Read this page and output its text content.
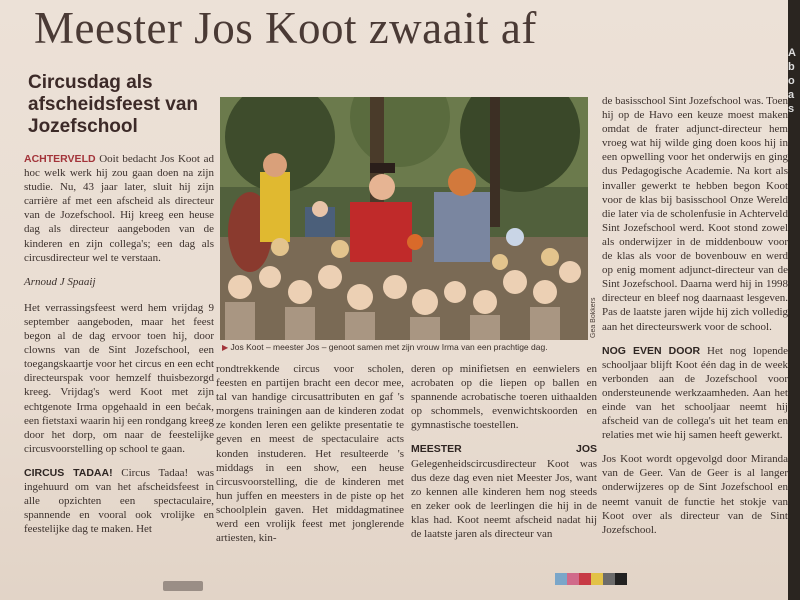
A
b
o
a
s
Meester Jos Koot zwaait af
Circusdag als afscheidsfeest van Jozefschool

ACHTERVELD Ooit bedacht Jos Koot ad hoc welk werk hij zou gaan doen na zijn studie. Nu, 43 jaar later, sluit hij zijn carrière af met een afscheid als directeur van de Jozefschool. Hij kreeg een heuse dag als directeur aangeboden van de kinderen en zijn collega's; een dag als circusdirecteur wel te verstaan.

Arnoud J Spaaij

Het verrassingsfeest werd hem vrijdag 9 september aangeboden, maar het feest begon al de dag ervoor toen hij, door clowns van de Sint Jozefschool, een toegangskaartje voor het circus en een echt directeurspak voor hemzelf thuisbezorgd kreeg. Vrijdag's werd Koot met zijn echtgenote Irma opgehaald in een bećak, een fietstaxi waarin hij een rondgang kreeg door het dorp, om naar de feestelijke circusvoorstelling op school te gaan.

CIRCUS TADAA! Circus Tadaa! was ingehuurd om van het afscheidsfeest in alle opzichten een spectaculaire, spannende en vooral ook vrolijke en feestelijke dag te maken. Het

Gea Bokkers
▶ Jos Koot – meester Jos – genoot samen met zijn vrouw Irma van een prachtige dag.

rondtrekkende circus voor scholen, feesten en partijen bracht een decor mee, tal van handige circusattributen en gaf 's morgens trainingen aan de kinderen zodat ze konden leren een gelikte presentatie te geven en meest de spectaculaire acts konden instuderen. Het resulteerde 's middags in een show, een heuse circusvoorstelling, die de kinderen met hun juffen en meesters in de piste op het schoolplein gaven. Het middagmatinee werd een vrolijk feest met jonglerende artiesten, kin-

deren op minifietsen en eenwielers en acrobaten op die liepen op ballen en spannende acrobatische toeren uithaalden op schommels, evenwichtskoorden en gymnastische toestellen.

MEESTER JOS Gelegenheidscircusdirecteur Koot was dus deze dag even niet Meester Jos, want zo kennen alle kinderen hem nog steeds en zeker ook de leerlingen die hij in de klas had. Koot neemt afscheid nadat hij de laatste jaren als directeur van

de basisschool Sint Jozefschool was. Toen hij op de Havo een keuze moest maken omdat de frater adjunct-directeur hem vroeg wat hij wilde ging doen koos hij in een opwelling voor het onderwijs en ging dus Pedagogische Academie. Na kort als invaller gewerkt te hebben begon Koot voor de klas bij basisschool Onze Wereld die later via de scholenfusie in Achterveld Sint Jozefschool werd. Koot stond zowel als onderwijzer in de middenbouw voor de klas als voor de bovenbouw en werd op enig moment adjunct-directeur van de Sint Jozefschool. Daarna werd hij in 1998 directeur en bleef nog daarnaast lesgeven. Pas de laatste jaren wijde hij zich volledig aan het directeurswerk voor de school.

NOG EVEN DOOR Het nog lopende schooljaar blijft Koot één dag in de week verbonden aan de Jozefschool voor ondersteunende werkzaamheden. Aan het einde van het schooljaar neemt hij afscheid van de collega's uit het team en relaties met wie hij samen heeft gewerkt.

Jos Koot wordt opgevolgd door Miranda van de Geer. Van de Geer is al langer onderwijzeres op de Sint Jozefschool en neemt vanuit de functie het stokje van Koot over als directeur van de Sint Jozefschool.
